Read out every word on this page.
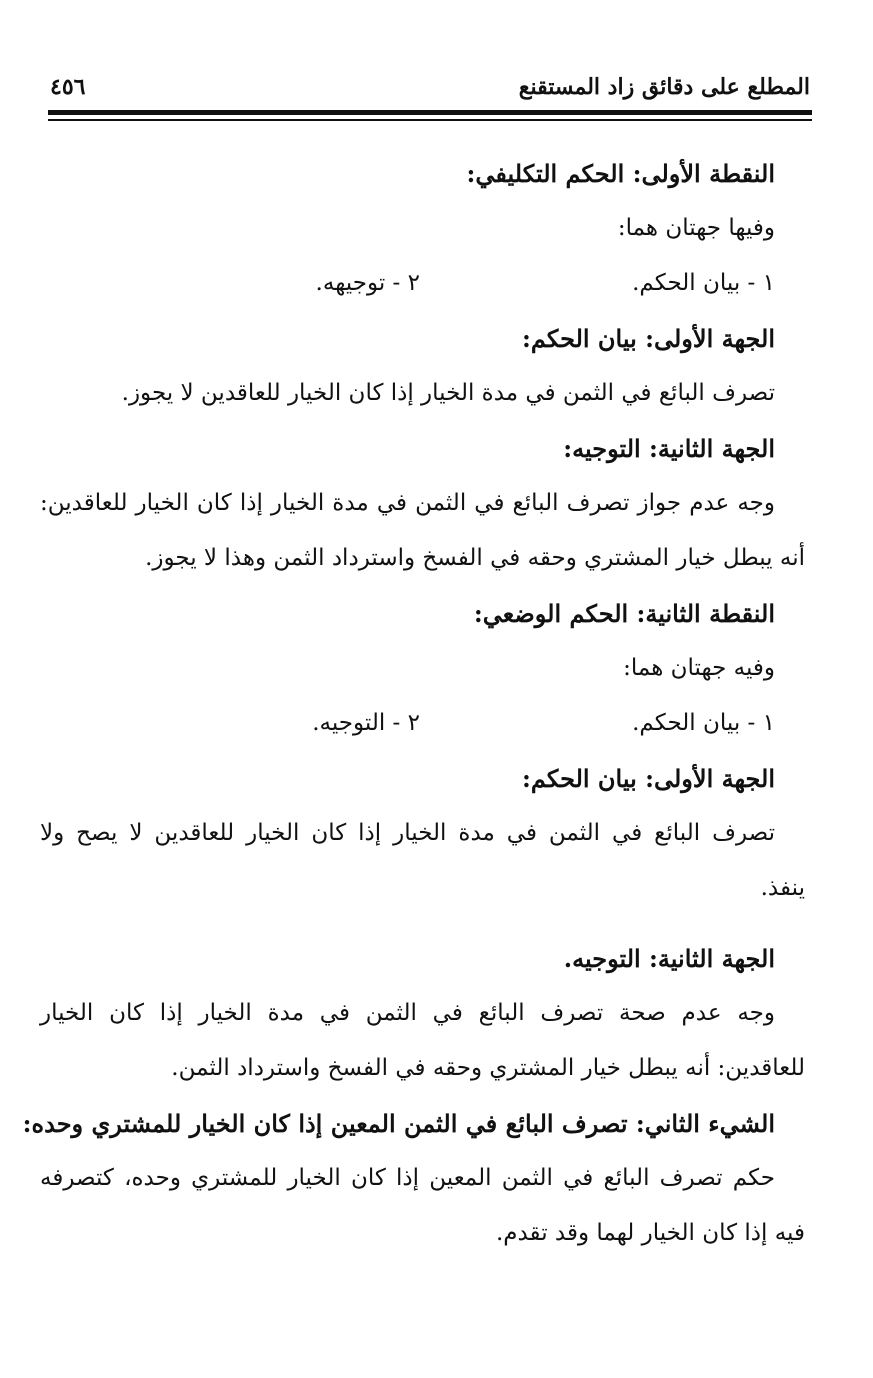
المطلع على دقائق زاد المستقنع
٤٥٦
النقطة الأولى: الحكم التكليفي:
وفيها جهتان هما:
١ - بيان الحكم.
٢ - توجيهه.
الجهة الأولى: بيان الحكم:
تصرف البائع في الثمن في مدة الخيار إذا كان الخيار للعاقدين لا يجوز.
الجهة الثانية: التوجيه:
وجه عدم جواز تصرف البائع في الثمن في مدة الخيار إذا كان الخيار للعاقدين:
أنه يبطل خيار المشتري وحقه في الفسخ واسترداد الثمن وهذا لا يجوز.
النقطة الثانية: الحكم الوضعي:
وفيه جهتان هما:
١ - بيان الحكم.
٢ - التوجيه.
الجهة الأولى: بيان الحكم:
تصرف البائع في الثمن في مدة الخيار إذا كان الخيار للعاقدين لا يصح ولا
ينفذ.
الجهة الثانية: التوجيه.
وجه عدم صحة تصرف البائع في الثمن في مدة الخيار إذا كان الخيار
للعاقدين: أنه يبطل خيار المشتري وحقه في الفسخ واسترداد الثمن.
الشيء الثاني: تصرف البائع في الثمن المعين إذا كان الخيار للمشتري وحده:
حكم تصرف البائع في الثمن المعين إذا كان الخيار للمشتري وحده، كتصرفه
فيه إذا كان الخيار لهما وقد تقدم.
